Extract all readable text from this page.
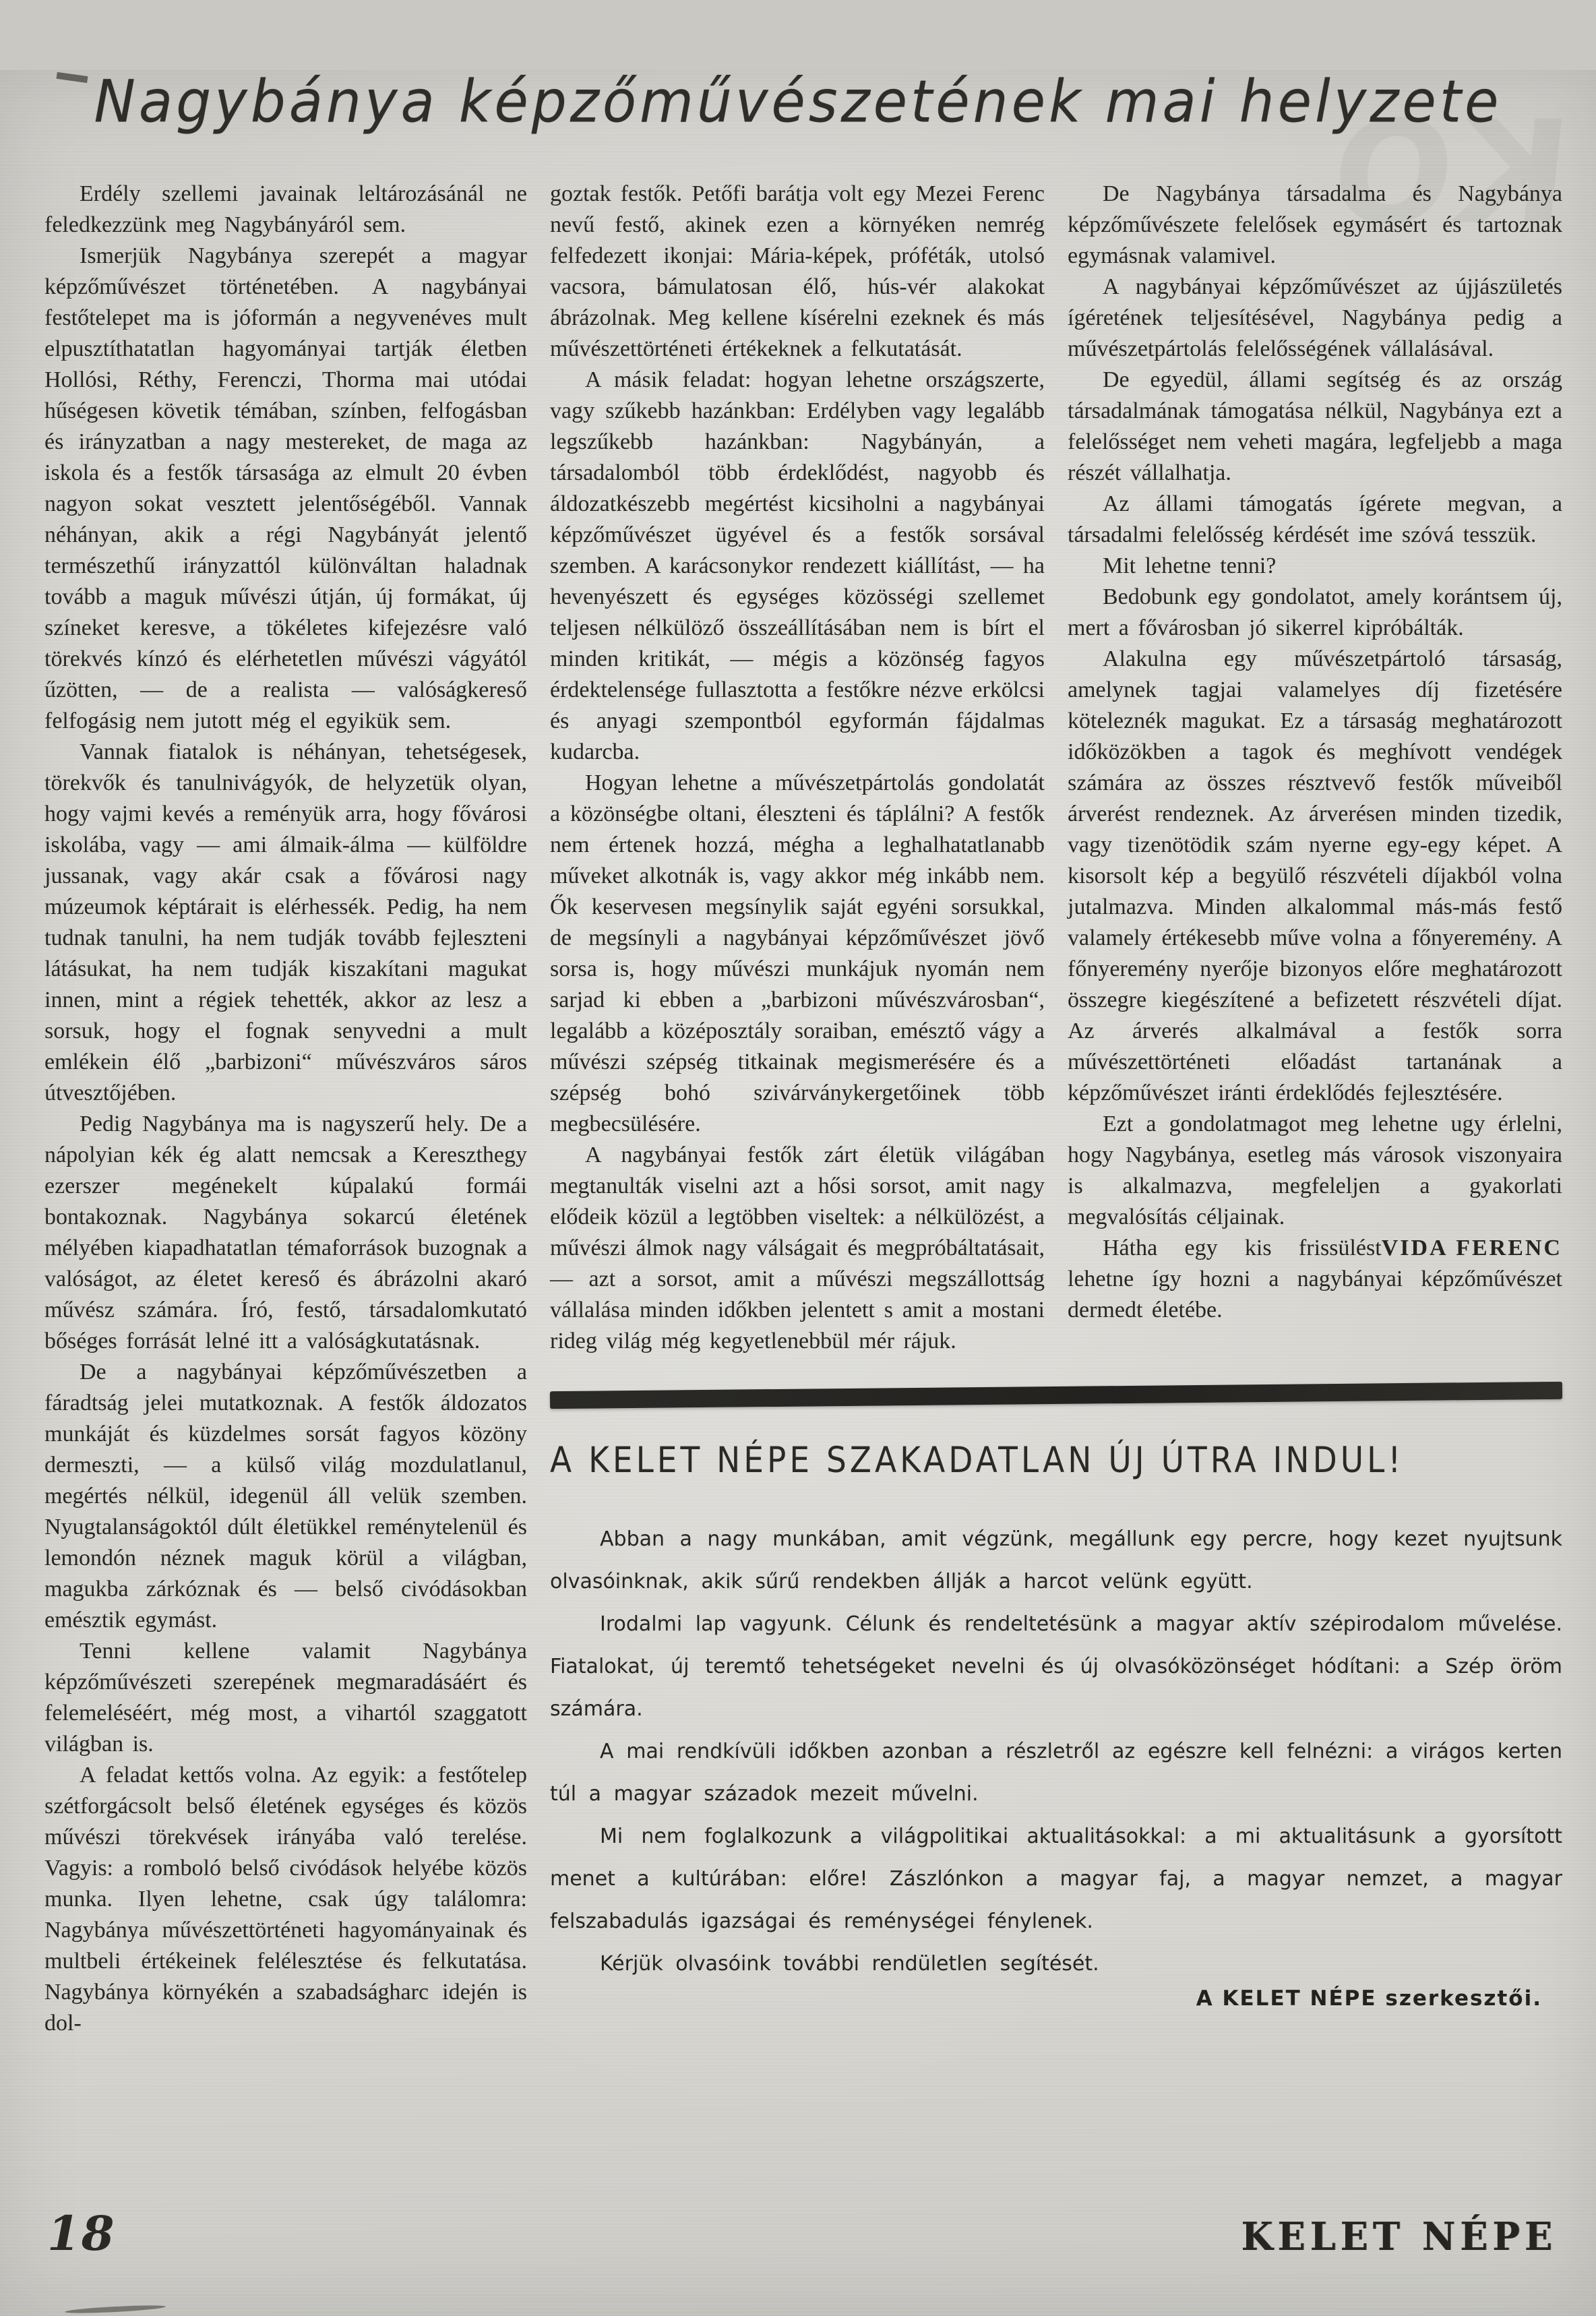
Nagybánya képzőművészetének mai helyzete

Erdély szellemi javainak leltározásánál ne feledkezzünk meg Nagybányáról sem.

Ismerjük Nagybánya szerepét a magyar képzőművészet történetében. A nagybányai festőtelepet ma is jóformán a negyvenéves mult elpusztíthatatlan hagyományai tartják életben Hollósi, Réthy, Ferenczi, Thorma mai utódai hűségesen követik témában, színben, felfogásban és irányzatban a nagy mestereket, de maga az iskola és a festők társasága az elmult 20 évben nagyon sokat vesztett jelentőségéből. Vannak néhányan, akik a régi Nagybányát jelentő természethű irányzattól különváltan haladnak tovább a maguk művészi útján, új formákat, új színeket keresve, a tökéletes kifejezésre való törekvés kínzó és elérhetetlen művészi vágyától űzötten, — de a realista — valóságkereső felfogásig nem jutott még el egyikük sem.

Vannak fiatalok is néhányan, tehetségesek, törekvők és tanulnivágyók, de helyzetük olyan, hogy vajmi kevés a reményük arra, hogy fővárosi iskolába, vagy — ami álmaik-álma — külföldre jussanak, vagy akár csak a fővárosi nagy múzeumok képtárait is elérhessék. Pedig, ha nem tudnak tanulni, ha nem tudják tovább fejleszteni látásukat, ha nem tudják kiszakítani magukat innen, mint a régiek tehették, akkor az lesz a sorsuk, hogy el fognak senyvedni a mult emlékein élő „barbizoni“ művészváros sáros útvesztőjében.

Pedig Nagybánya ma is nagyszerű hely. De a nápolyian kék ég alatt nemcsak a Kereszthegy ezerszer megénekelt kúpalakú formái bontakoznak. Nagybánya sokarcú életének mélyében kiapadhatatlan témaforrások buzognak a valóságot, az életet kereső és ábrázolni akaró művész számára. Író, festő, társadalomkutató bőséges forrását lelné itt a valóságkutatásnak.

De a nagybányai képzőművészetben a fáradtság jelei mutatkoznak. A festők áldozatos munkáját és küzdelmes sorsát fagyos közöny dermeszti, — a külső világ mozdulatlanul, megértés nélkül, idegenül áll velük szemben. Nyugtalanságoktól dúlt életükkel reménytelenül és lemondón néznek maguk körül a világban, magukba zárkóznak és — belső civódásokban emésztik egymást.

Tenni kellene valamit Nagybánya képzőművészeti szerepének megmaradásáért és felemeléséért, még most, a vihartól szaggatott világban is.

A feladat kettős volna. Az egyik: a festőtelep szétforgácsolt belső életének egységes és közös művészi törekvések irányába való terelése. Vagyis: a romboló belső civódások helyébe közös munka. Ilyen lehetne, csak úgy találomra: Nagybánya művészettörténeti hagyományainak és multbeli értékeinek felélesztése és felkutatása. Nagybánya környékén a szabadságharc idején is dol-

goztak festők. Petőfi barátja volt egy Mezei Ferenc nevű festő, akinek ezen a környéken nemrég felfedezett ikonjai: Mária-képek, próféták, utolsó vacsora, bámulatosan élő, hús-vér alakokat ábrázolnak. Meg kellene kísérelni ezeknek és más művészettörténeti értékeknek a felkutatását.

A másik feladat: hogyan lehetne országszerte, vagy szűkebb hazánkban: Erdélyben vagy legalább legszűkebb hazánkban: Nagybányán, a társadalomból több érdeklődést, nagyobb és áldozatkészebb megértést kicsiholni a nagybányai képzőművészet ügyével és a festők sorsával szemben. A karácsonykor rendezett kiállítást, — ha hevenyészett és egységes közösségi szellemet teljesen nélkülöző összeállításában nem is bírt el minden kritikát, — mégis a közönség fagyos érdektelensége fullasztotta a festőkre nézve erkölcsi és anyagi szempontból egyformán fájdalmas kudarcba.

Hogyan lehetne a művészetpártolás gondolatát a közönségbe oltani, éleszteni és táplálni? A festők nem értenek hozzá, mégha a leghalhatatlanabb műveket alkotnák is, vagy akkor még inkább nem. Ők keservesen megsínylik saját egyéni sorsukkal, de megsínyli a nagybányai képzőművészet jövő sorsa is, hogy művészi munkájuk nyomán nem sarjad ki ebben a „barbizoni művészvárosban“, legalább a középosztály soraiban, emésztő vágy a művészi szépség titkainak megismerésére és a szépség bohó szivárványkergetőinek több megbecsülésére.

A nagybányai festők zárt életük világában megtanulták viselni azt a hősi sorsot, amit nagy elődeik közül a legtöbben viseltek: a nélkülözést, a művészi álmok nagy válságait és megpróbáltatásait, — azt a sorsot, amit a művészi megszállottság vállalása minden időkben jelentett s amit a mostani rideg világ még kegyetlenebbül mér rájuk.

De Nagybánya társadalma és Nagybánya képzőművészete felelősek egymásért és tartoznak egymásnak valamivel.

A nagybányai képzőművészet az újjászületés ígéretének teljesítésével, Nagybánya pedig a művészetpártolás felelősségének vállalásával.

De egyedül, állami segítség és az ország társadalmának támogatása nélkül, Nagybánya ezt a felelősséget nem veheti magára, legfeljebb a maga részét vállalhatja.

Az állami támogatás ígérete megvan, a társadalmi felelősség kérdését ime szóvá tesszük.

Mit lehetne tenni?

Bedobunk egy gondolatot, amely korántsem új, mert a fővárosban jó sikerrel kipróbálták.

Alakulna egy művészetpártoló társaság, amelynek tagjai valamelyes díj fizetésére köteleznék magukat. Ez a társaság meghatározott időközökben a tagok és meghívott vendégek számára az összes résztvevő festők műveiből árverést rendeznek. Az árverésen minden tizedik, vagy tizenötödik szám nyerne egy-egy képet. A kisorsolt kép a begyülő részvételi díjakból volna jutalmazva. Minden alkalommal más-más festő valamely értékesebb műve volna a főnyeremény. A főnyeremény nyerője bizonyos előre meghatározott összegre kiegészítené a befizetett részvételi díjat. Az árverés alkalmával a festők sorra művészettörténeti előadást tartanának a képzőművészet iránti érdeklődés fejlesztésére.

Ezt a gondolatmagot meg lehetne ugy érlelni, hogy Nagybánya, esetleg más városok viszonyaira is alkalmazva, megfeleljen a gyakorlati megvalósítás céljainak.

VIDA FERENC
Hátha egy kis frissülést lehetne így hozni a nagybányai képzőművészet dermedt életébe.

A KELET NÉPE SZAKADATLAN ÚJ ÚTRA INDUL!

Abban a nagy munkában, amit végzünk, megállunk egy percre, hogy kezet nyujtsunk olvasóinknak, akik sűrű rendekben állják a harcot velünk együtt.

Irodalmi lap vagyunk. Célunk és rendeltetésünk a magyar aktív szépirodalom művelése. Fiatalokat, új teremtő tehetségeket nevelni és új olvasóközönséget hódítani: a Szép öröm számára.

A mai rendkívüli időkben azonban a részletről az egészre kell felnézni: a virágos kerten túl a magyar századok mezeit művelni.

Mi nem foglalkozunk a világpolitikai aktualitásokkal: a mi aktualitásunk a gyorsított menet a kultúrában: előre! Zászlónkon a magyar faj, a magyar nemzet, a magyar felszabadulás igazságai és reménységei fénylenek.

Kérjük olvasóink további rendületlen segítését.

A KELET NÉPE szerkesztői.

18	KELET NÉPE
